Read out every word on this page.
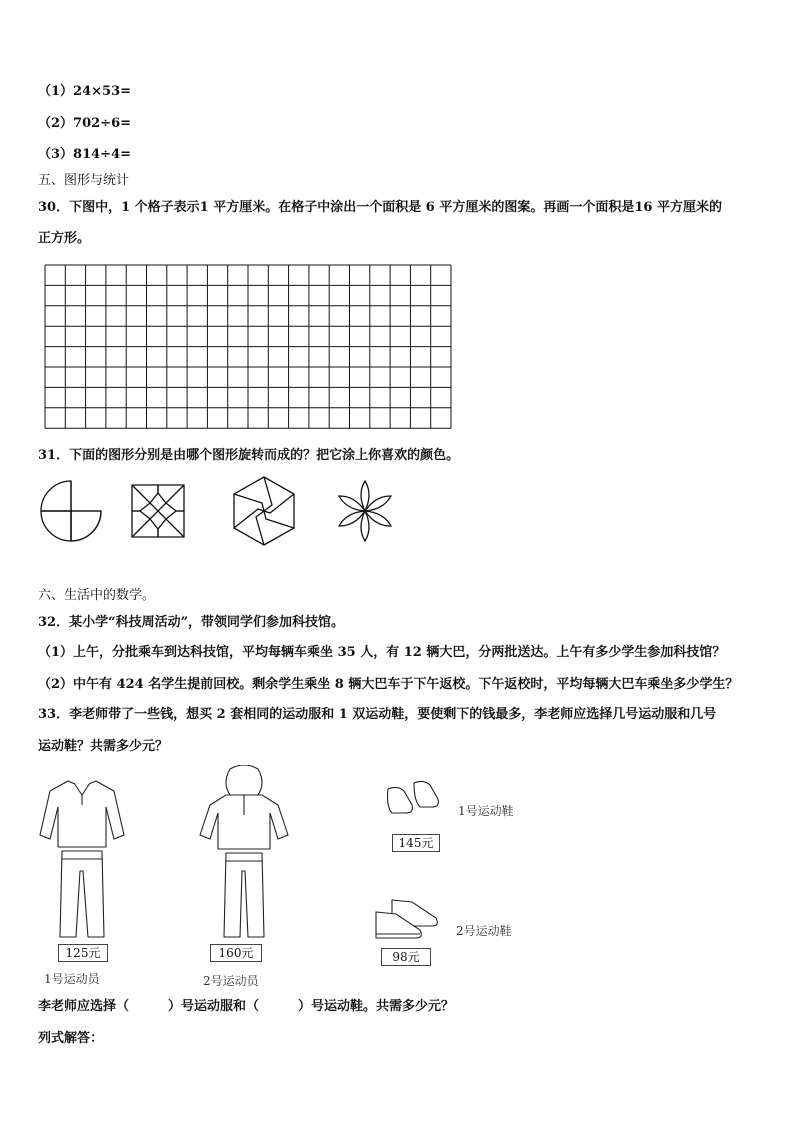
（1）24×53=
（2）702÷6=
（3）814÷4=
五、图形与统计
30．下图中，1 个格子表示1 平方厘米。在格子中涂出一个面积是 6 平方厘米的图案。再画一个面积是16 平方厘米的
正方形。
31．下面的图形分别是由哪个图形旋转而成的？把它涂上你喜欢的颜色。
六、生活中的数学。
32．某小学“科技周活动”，带领同学们参加科技馆。
（1）上午，分批乘车到达科技馆，平均每辆车乘坐 35 人，有 12 辆大巴，分两批送达。上午有多少学生参加科技馆？
（2）中午有 424 名学生提前回校。剩余学生乘坐 8 辆大巴车于下午返校。下午返校时，平均每辆大巴车乘坐多少学生？
33．李老师带了一些钱，想买 2 套相同的运动服和 1 双运动鞋，要使剩下的钱最多，李老师应选择几号运动服和几号
运动鞋？共需多少元？
125元
1号运动员
160元
2号运动员
145元
1号运动鞋
98元
2号运动鞋
李老师应选择（　　　）号运动服和（　　　）号运动鞋。共需多少元？
列式解答：
